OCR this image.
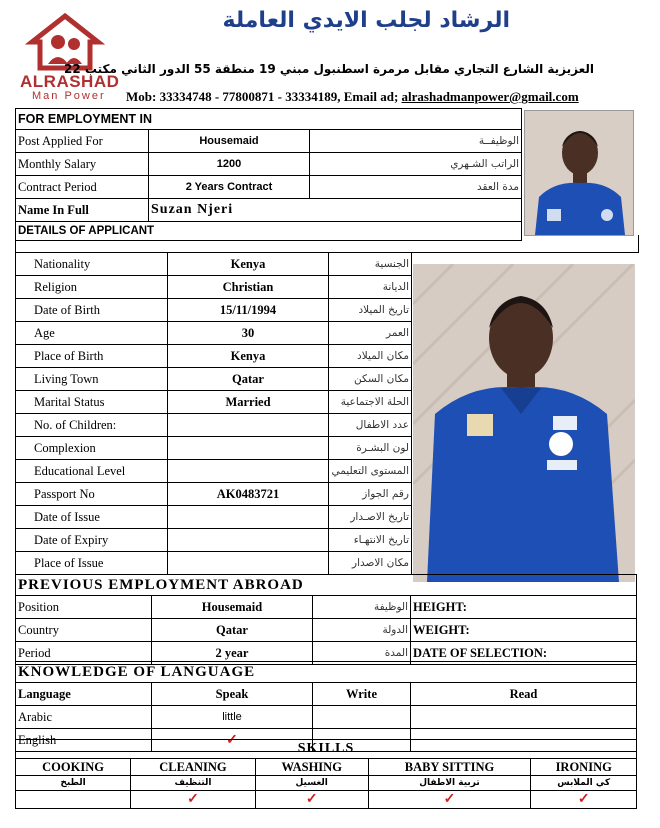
ALRASHAD
Man Power
الرشاد لجلب الايدي العاملة
العزيزية الشارع التجاري مقابل مرمرة اسطنبول مبني 19 منطقة 55 الدور الثاني مكتب 22
Mob: 33334748 - 77800871 - 33334189, Email ad; alrashadmanpower@gmail.com
FOR EMPLOYMENT IN		
Post Applied For	Housemaid	الوظيفــة
Monthly Salary	1200	الراتب الشـهري
Contract Period	2 Years Contract	مدة العقد
Name In Full	Suzan Njeri	
DETAILS OF APPLICANT		
Nationality	Kenya	الجنسية
Religion	Christian	الديانة
Date of Birth	15/11/1994	تاريخ الميلاد
Age	30	العمر
Place of Birth	Kenya	مكان الميلاد
Living Town	Qatar	مكان السكن
Marital Status	Married	الحلة الاجتماعية
No. of Children:		عدد الاطفال
Complexion		لون البشـرة
Educational Level		المستوى التعليمي
Passport No	AK0483721	رقم الجواز
Date of Issue		تاريخ الاصـدار
Date of Expiry		تاريخ الانتهـاء
Place of Issue		مكان الاصدار
PREVIOUS EMPLOYMENT ABROAD			
Position	Housemaid	الوظيفة	HEIGHT:
Country	Qatar	الدولة	WEIGHT:
Period	2 year	المدة	DATE OF SELECTION:
KNOWLEDGE OF LANGUAGE			
Language	Speak	Write	Read
Arabic	little		
English	✓		
SKILLS				
COOKING	CLEANING	WASHING	BABY SITTING	IRONING
الطبخ	التنظيف	الغسيل	تربية الاطفال	كي الملابس
	✓	✓	✓	✓
